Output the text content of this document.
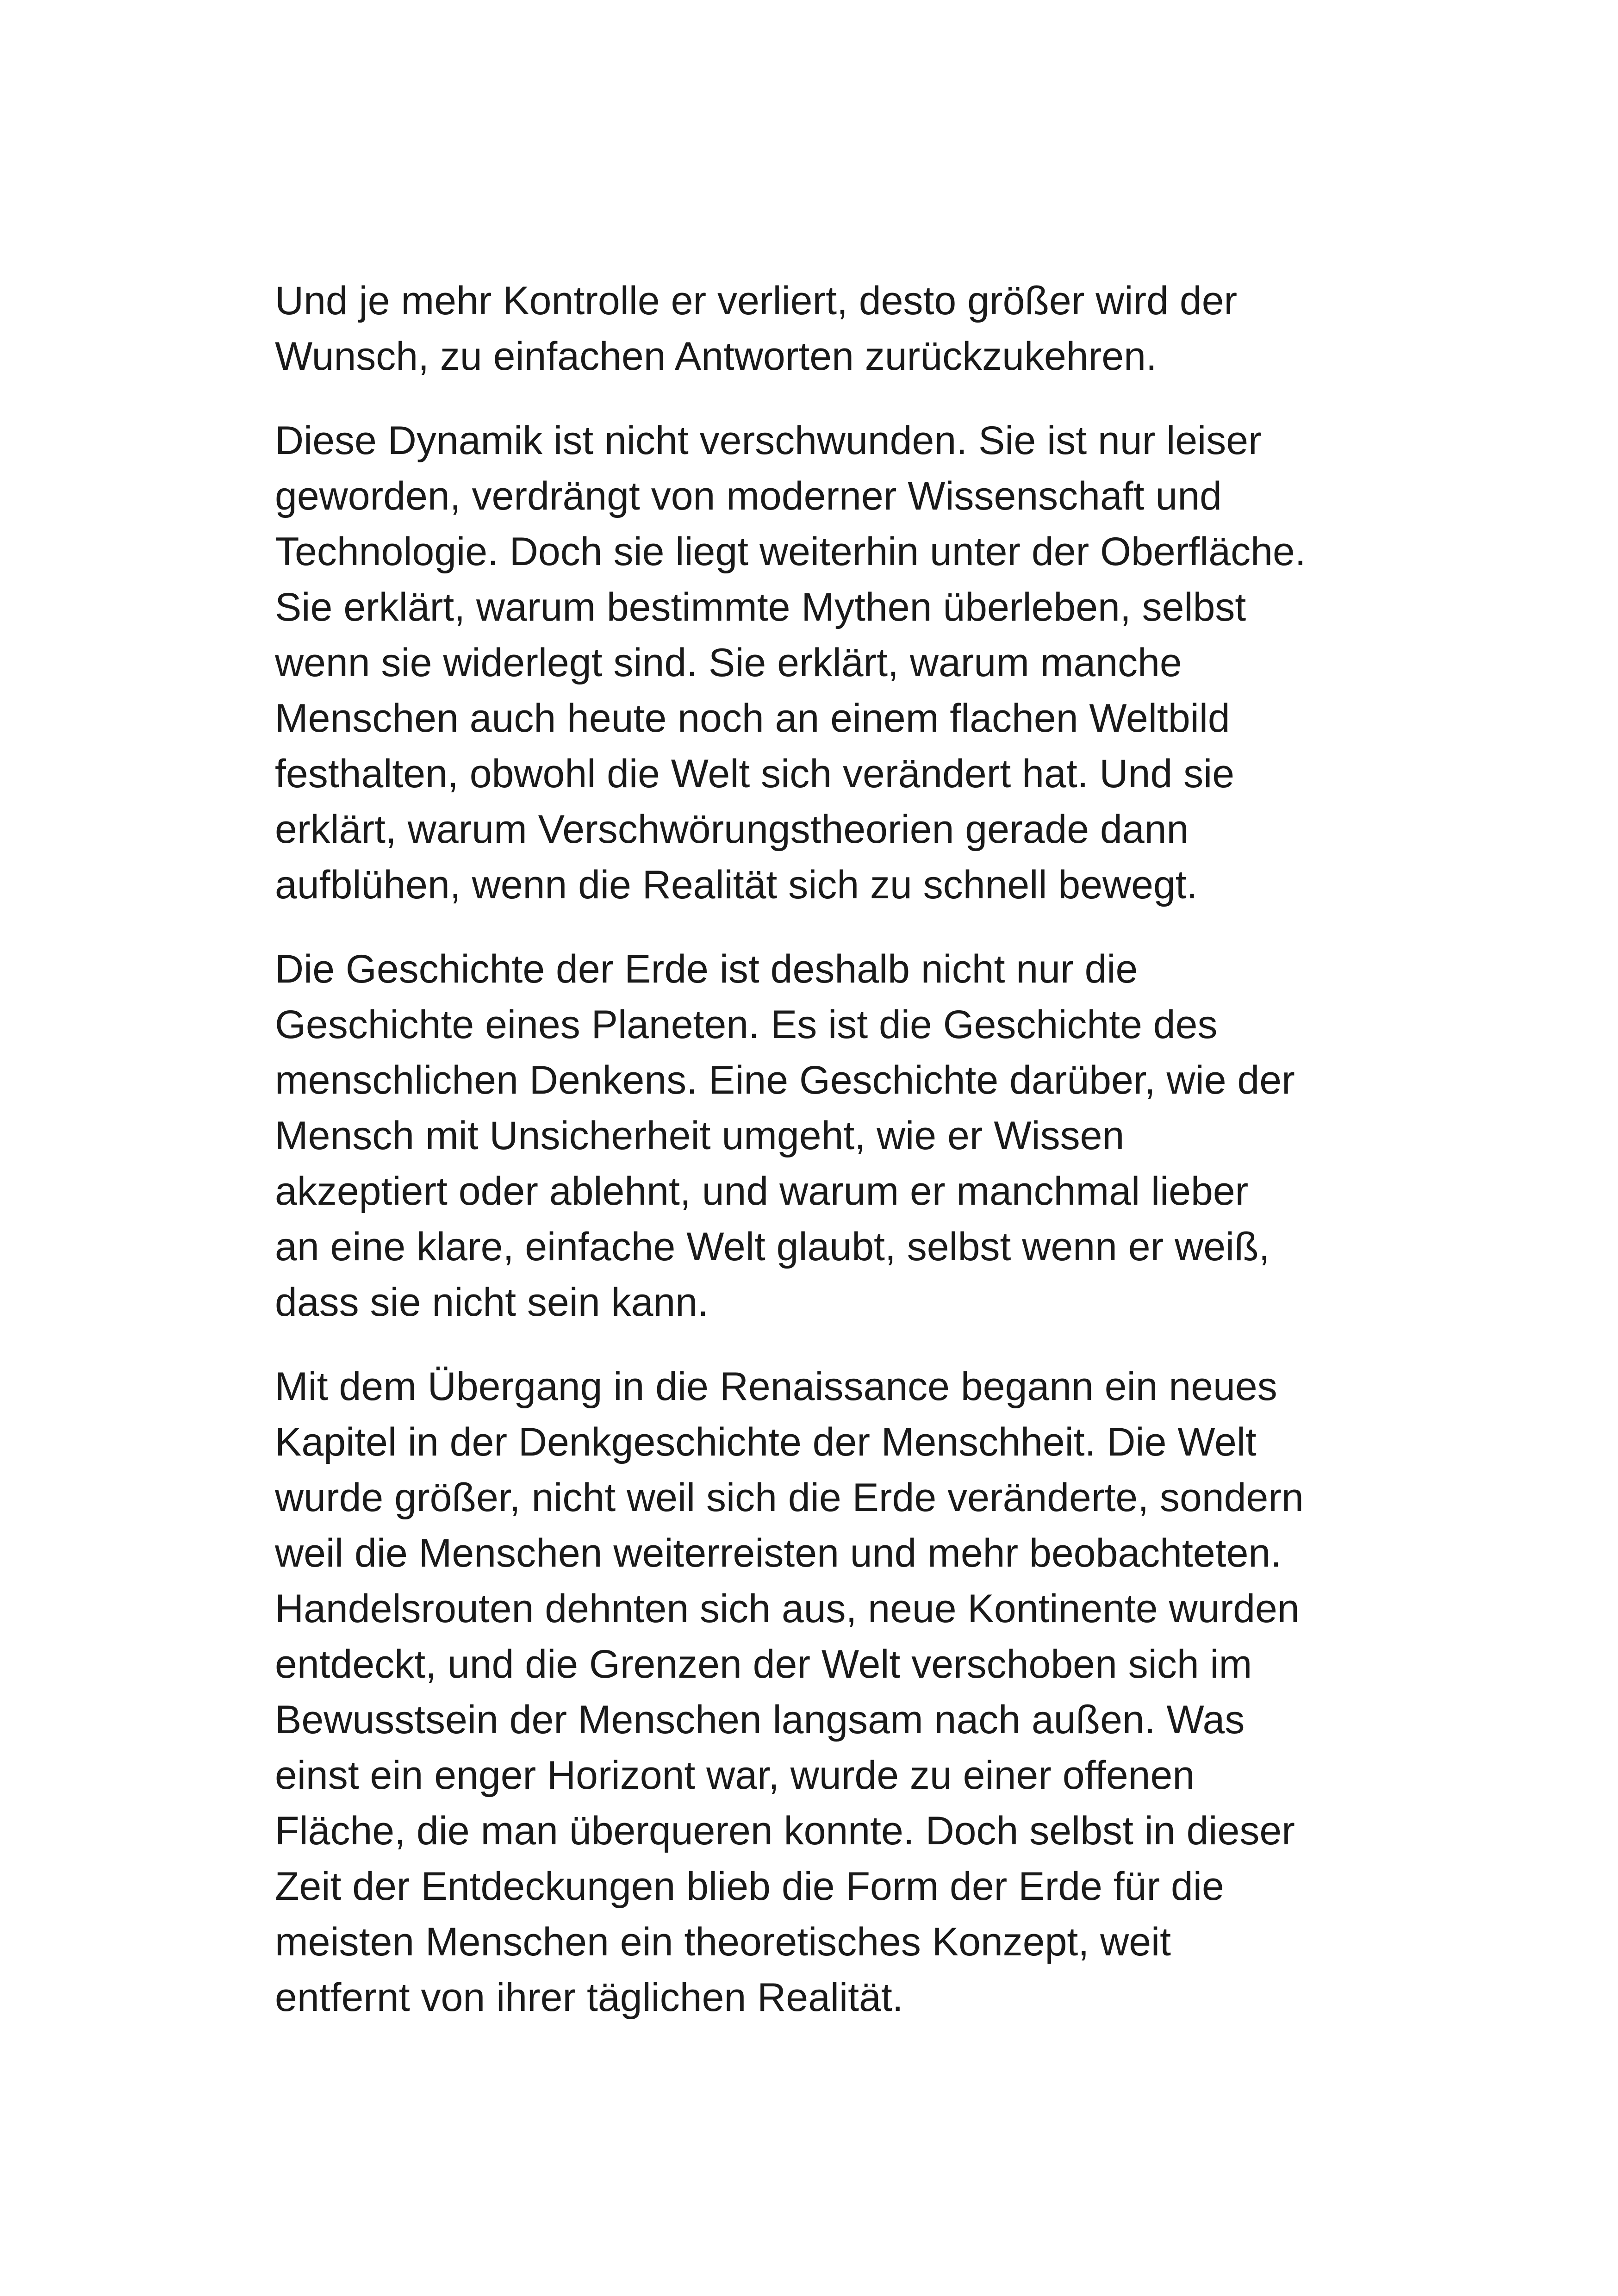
Und je mehr Kontrolle er verliert, desto größer wird der
Wunsch, zu einfachen Antworten zurückzukehren.

Diese Dynamik ist nicht verschwunden. Sie ist nur leiser
geworden, verdrängt von moderner Wissenschaft und
Technologie. Doch sie liegt weiterhin unter der Oberfläche.
Sie erklärt, warum bestimmte Mythen überleben, selbst
wenn sie widerlegt sind. Sie erklärt, warum manche
Menschen auch heute noch an einem flachen Weltbild
festhalten, obwohl die Welt sich verändert hat. Und sie
erklärt, warum Verschwörungstheorien gerade dann
aufblühen, wenn die Realität sich zu schnell bewegt.

Die Geschichte der Erde ist deshalb nicht nur die
Geschichte eines Planeten. Es ist die Geschichte des
menschlichen Denkens. Eine Geschichte darüber, wie der
Mensch mit Unsicherheit umgeht, wie er Wissen
akzeptiert oder ablehnt, und warum er manchmal lieber
an eine klare, einfache Welt glaubt, selbst wenn er weiß,
dass sie nicht sein kann.

Mit dem Übergang in die Renaissance begann ein neues
Kapitel in der Denkgeschichte der Menschheit. Die Welt
wurde größer, nicht weil sich die Erde veränderte, sondern
weil die Menschen weiterreisten und mehr beobachteten.
Handelsrouten dehnten sich aus, neue Kontinente wurden
entdeckt, und die Grenzen der Welt verschoben sich im
Bewusstsein der Menschen langsam nach außen. Was
einst ein enger Horizont war, wurde zu einer offenen
Fläche, die man überqueren konnte. Doch selbst in dieser
Zeit der Entdeckungen blieb die Form der Erde für die
meisten Menschen ein theoretisches Konzept, weit
entfernt von ihrer täglichen Realität.
